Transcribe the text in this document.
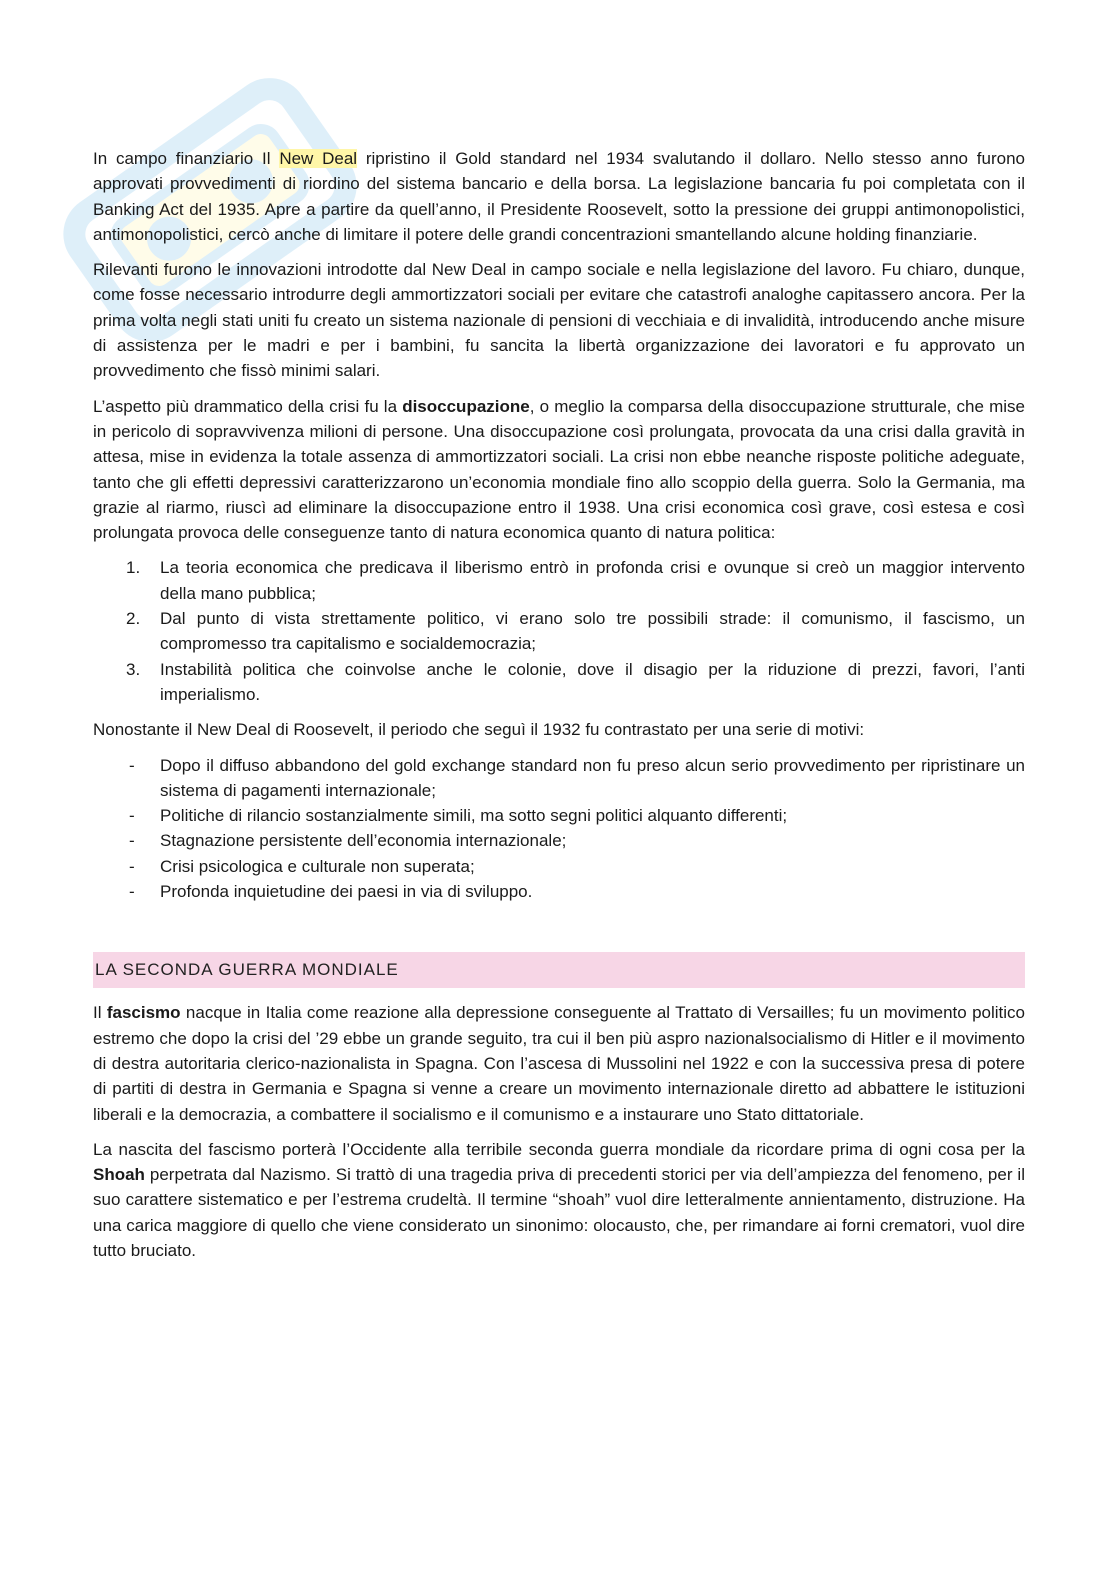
In campo finanziario Il New Deal ripristino il Gold standard nel 1934 svalutando il dollaro. Nello stesso anno furono approvati provvedimenti di riordino del sistema bancario e della borsa. La legislazione bancaria fu poi completata con il Banking Act del 1935. Apre a partire da quell’anno, il Presidente Roosevelt, sotto la pressione dei gruppi antimonopolistici, antimonopolistici, cercò anche di limitare il potere delle grandi concentrazioni smantellando alcune holding finanziarie.

Rilevanti furono le innovazioni introdotte dal New Deal in campo sociale e nella legislazione del lavoro. Fu chiaro, dunque, come fosse necessario introdurre degli ammortizzatori sociali per evitare che catastrofi analoghe capitassero ancora. Per la prima volta negli stati uniti fu creato un sistema nazionale di pensioni di vecchiaia e di invalidità, introducendo anche misure di assistenza per le madri e per i bambini, fu sancita la libertà organizzazione dei lavoratori e fu approvato un provvedimento che fissò minimi salari.

L’aspetto più drammatico della crisi fu la disoccupazione, o meglio la comparsa della disoccupazione strutturale, che mise in pericolo di sopravvivenza milioni di persone. Una disoccupazione così prolungata, provocata da una crisi dalla gravità in attesa, mise in evidenza la totale assenza di ammortizzatori sociali. La crisi non ebbe neanche risposte politiche adeguate, tanto che gli effetti depressivi caratterizzarono un’economia mondiale fino allo scoppio della guerra. Solo la Germania, ma grazie al riarmo, riuscì ad eliminare la disoccupazione entro il 1938. Una crisi economica così grave, così estesa e così prolungata provoca delle conseguenze tanto di natura economica quanto di natura politica:

1. La teoria economica che predicava il liberismo entrò in profonda crisi e ovunque si creò un maggior intervento della mano pubblica;
2. Dal punto di vista strettamente politico, vi erano solo tre possibili strade: il comunismo, il fascismo, un compromesso tra capitalismo e socialdemocrazia;
3. Instabilità politica che coinvolse anche le colonie, dove il disagio per la riduzione di prezzi, favori, l’anti imperialismo.

Nonostante il New Deal di Roosevelt, il periodo che seguì il 1932 fu contrastato per una serie di motivi:

- Dopo il diffuso abbandono del gold exchange standard non fu preso alcun serio provvedimento per ripristinare un sistema di pagamenti internazionale;
- Politiche di rilancio sostanzialmente simili, ma sotto segni politici alquanto differenti;
- Stagnazione persistente dell’economia internazionale;
- Crisi psicologica e culturale non superata;
- Profonda inquietudine dei paesi in via di sviluppo.
LA SECONDA GUERRA MONDIALE

Il fascismo nacque in Italia come reazione alla depressione conseguente al Trattato di Versailles; fu un movimento politico estremo che dopo la crisi del ’29 ebbe un grande seguito, tra cui il ben più aspro nazionalsocialismo di Hitler e il movimento di destra autoritaria clerico-nazionalista in Spagna. Con l’ascesa di Mussolini nel 1922 e con la successiva presa di potere di partiti di destra in Germania e Spagna si venne a creare un movimento internazionale diretto ad abbattere le istituzioni liberali e la democrazia, a combattere il socialismo e il comunismo e a instaurare uno Stato dittatoriale.

La nascita del fascismo porterà l’Occidente alla terribile seconda guerra mondiale da ricordare prima di ogni cosa per la Shoah perpetrata dal Nazismo. Si trattò di una tragedia priva di precedenti storici per via dell’ampiezza del fenomeno, per il suo carattere sistematico e per l’estrema crudeltà. Il termine “shoah” vuol dire letteralmente annientamento, distruzione. Ha una carica maggiore di quello che viene considerato un sinonimo: olocausto, che, per rimandare ai forni crematori, vuol dire tutto bruciato.
